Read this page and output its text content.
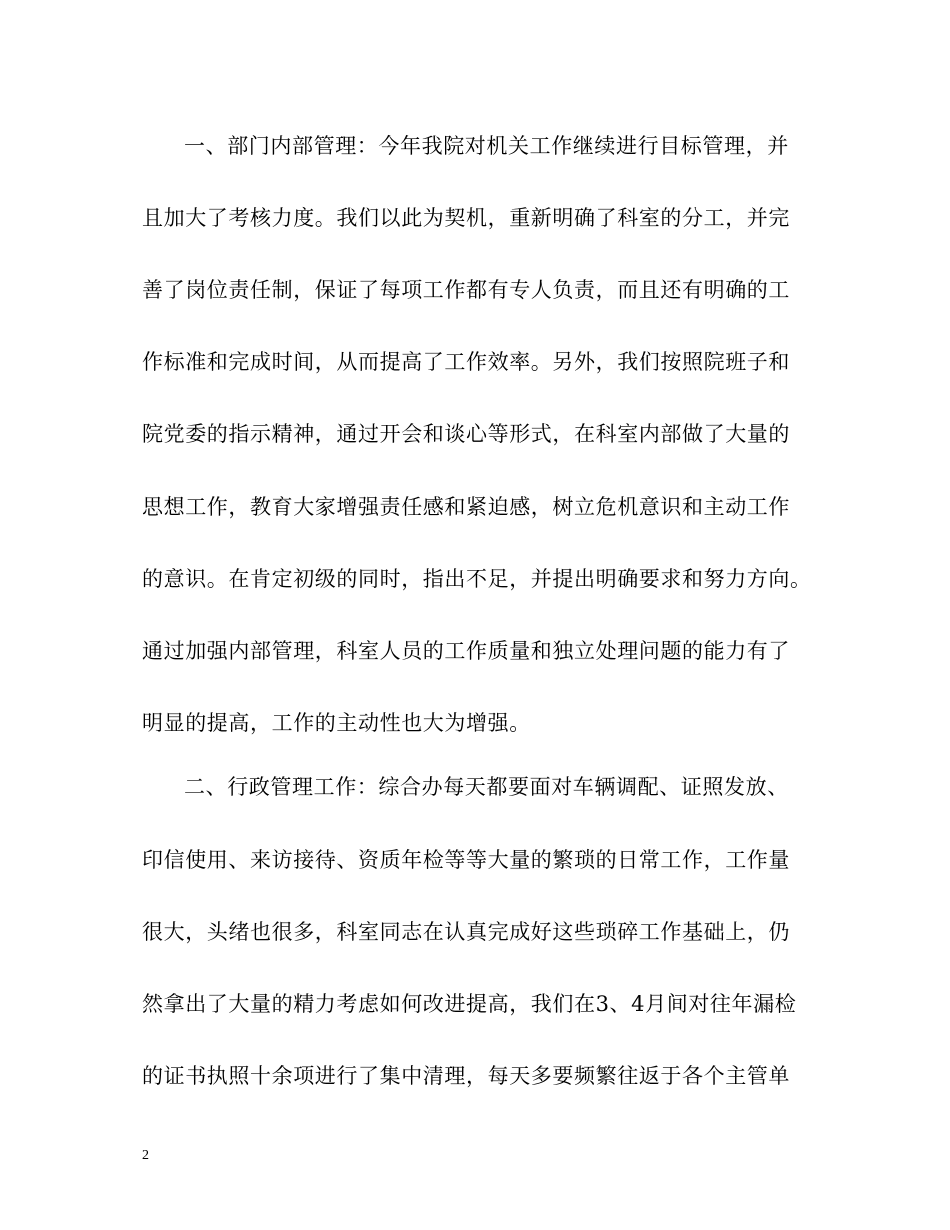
一、部门内部管理：今年我院对机关工作继续进行目标管理，并
且加大了考核力度。我们以此为契机，重新明确了科室的分工，并完
善了岗位责任制，保证了每项工作都有专人负责，而且还有明确的工
作标准和完成时间，从而提高了工作效率。另外，我们按照院班子和
院党委的指示精神，通过开会和谈心等形式，在科室内部做了大量的
思想工作，教育大家增强责任感和紧迫感，树立危机意识和主动工作
的意识。在肯定初级的同时，指出不足，并提出明确要求和努力方向。
通过加强内部管理，科室人员的工作质量和独立处理问题的能力有了
明显的提高，工作的主动性也大为增强。
二、行政管理工作：综合办每天都要面对车辆调配、证照发放、
印信使用、来访接待、资质年检等等大量的繁琐的日常工作，工作量
很大，头绪也很多，科室同志在认真完成好这些琐碎工作基础上，仍
然拿出了大量的精力考虑如何改进提高，我们在3、4月间对往年漏检
的证书执照十余项进行了集中清理，每天多要频繁往返于各个主管单
2
